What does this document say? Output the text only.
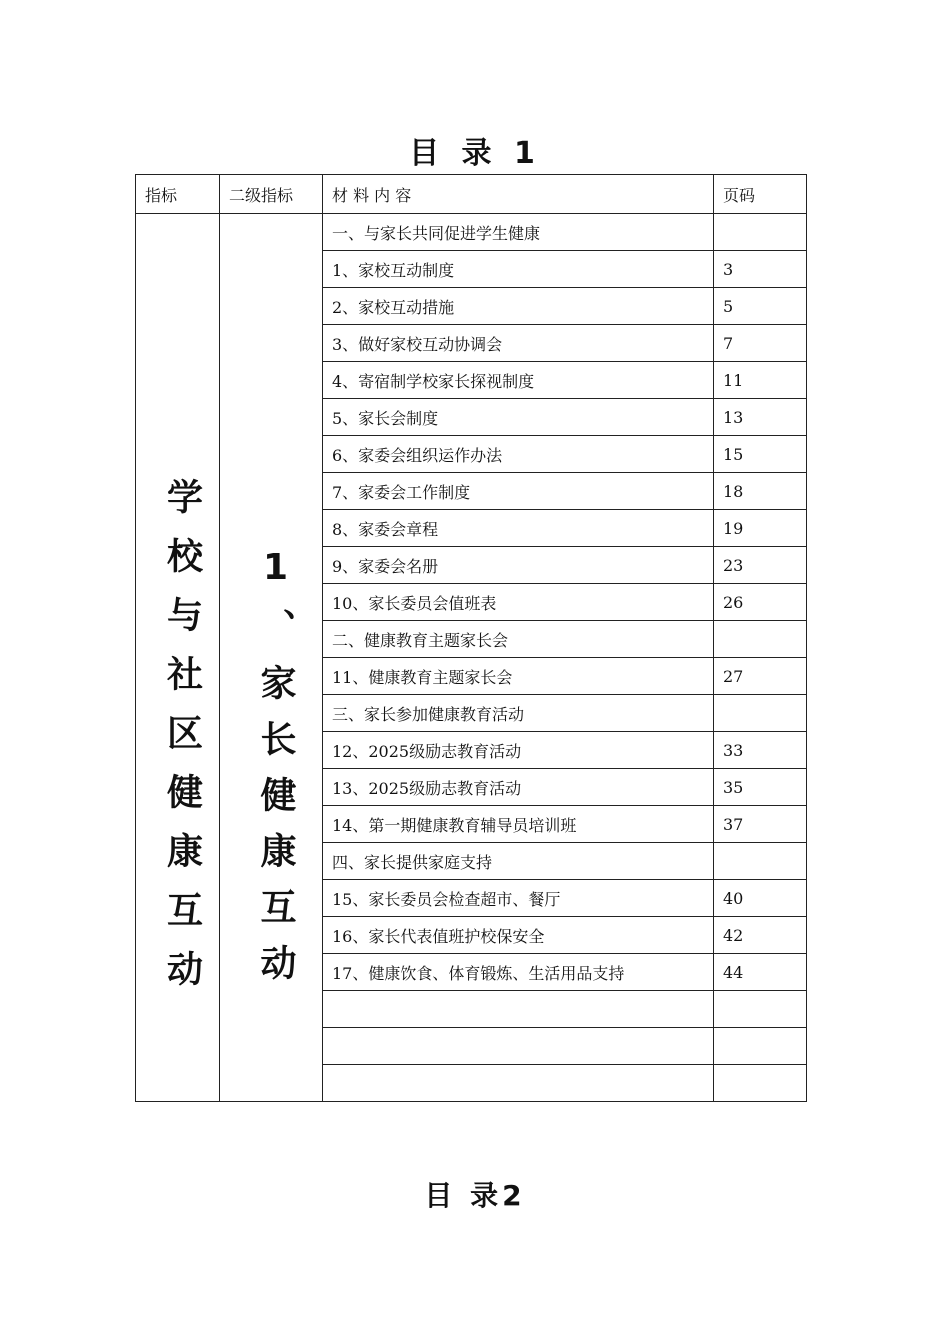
目 录 1
指标	二级指标	材 料 内 容	页码

学校与社区健康互动	1、家长健康互动	一、与家长共同促进学生健康	
		1、家校互动制度	3
		2、家校互动措施	5
		3、做好家校互动协调会	7
		4、寄宿制学校家长探视制度	11
		5、家长会制度	13
		6、家委会组织运作办法	15
		7、家委会工作制度	18
		8、家委会章程	19
		9、家委会名册	23
		10、家长委员会值班表	26
		二、健康教育主题家长会	
		11、健康教育主题家长会	27
		三、家长参加健康教育活动	
		12、2025级励志教育活动	33
		13、2025级励志教育活动	35
		14、第一期健康教育辅导员培训班	37
		四、家长提供家庭支持	
		15、家长委员会检查超市、餐厅	40
		16、家长代表值班护校保安全	42
		17、健康饮食、体育锻炼、生活用品支持	44

目 录2
